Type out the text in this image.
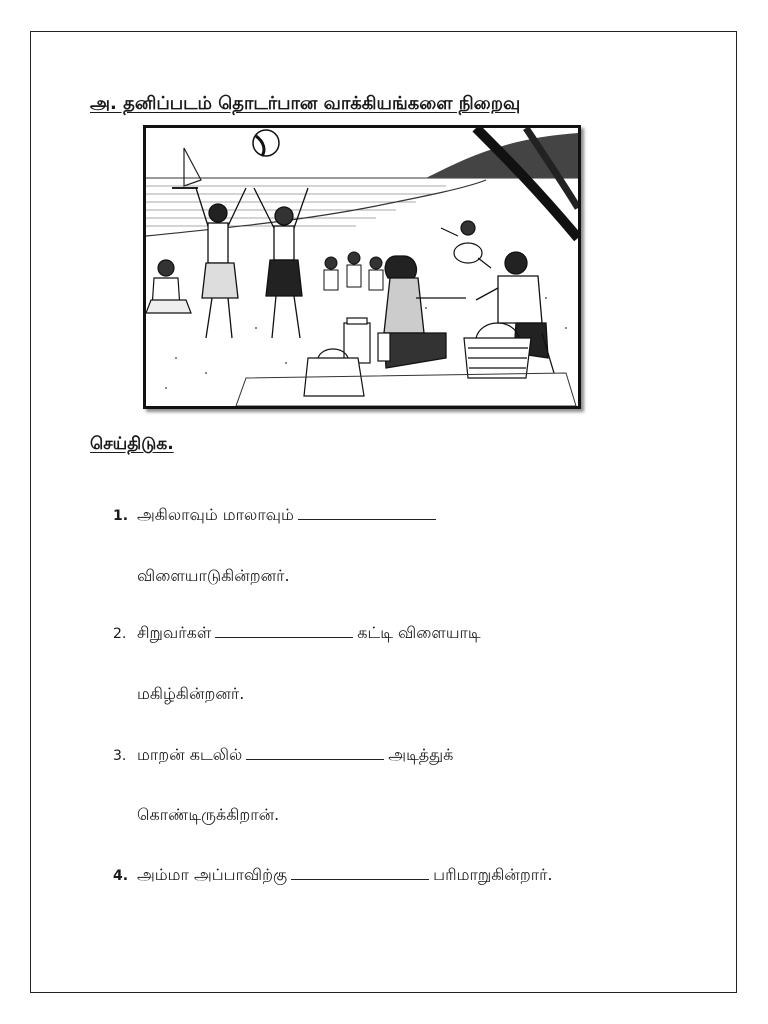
அ. தனிப்படம் தொடர்பான வாக்கியங்களை நிறைவு
செய்திடுக.
1. அகிலாவும் மாலாவும்
விளையாடுகின்றனர்.
2. சிறுவர்கள்	கட்டி விளையாடி
மகிழ்கின்றனர்.
3. மாறன் கடலில்	அடித்துக்
கொண்டிருக்கிறான்.
4. அம்மா அப்பாவிற்கு	பரிமாறுகின்றார்.
